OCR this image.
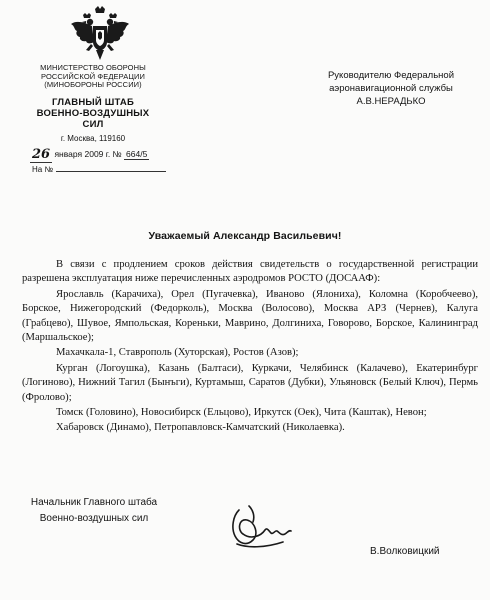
МИНИСТЕРСТВО ОБОРОНЫ
РОССИЙСКОЙ ФЕДЕРАЦИИ
(МИНОБОРОНЫ РОССИИ)
ГЛАВНЫЙ ШТАБ
ВОЕННО-ВОЗДУШНЫХ
СИЛ
г. Москва, 119160
26 января 2009 г. № 664/5
На №
Руководителю Федеральной
аэронавигационной службы
А.В.НЕРАДЬКО
Уважаемый Александр Васильевич!

В связи с продлением сроков действия свидетельств о государственной регистрации разрешена эксплуатация ниже перечисленных аэродромов РОСТО (ДОСААФ):

Ярославль (Карачиха), Орел (Пугачевка), Иваново (Ялониха), Коломна (Коробчеево), Борское, Нижегородский (Федорколь), Москва (Волосово), Москва АРЗ (Чернев), Калуга (Грабцево), Шувое, Ямпольская, Кореньки, Маврино, Долгиниха, Говорово, Борское, Калининград (Маршальское);

Махачкала-1, Ставрополь (Хуторская), Ростов (Азов);

Курган (Логоушка), Казань (Балтаси), Куркачи, Челябинск (Калачево), Екатеринбург (Логиново), Нижний Тагил (Бынъги), Куртамыш, Саратов (Дубки), Ульяновск (Белый Ключ), Пермь (Фролово);

Томск (Головино), Новосибирск (Ельцово), Иркутск (Оек), Чита (Каштак), Невон;

Хабаровск (Динамо), Петропавловск-Камчатский (Николаевка).

Начальник Главного штаба
Военно-воздушных сил
В.Волковицкий
